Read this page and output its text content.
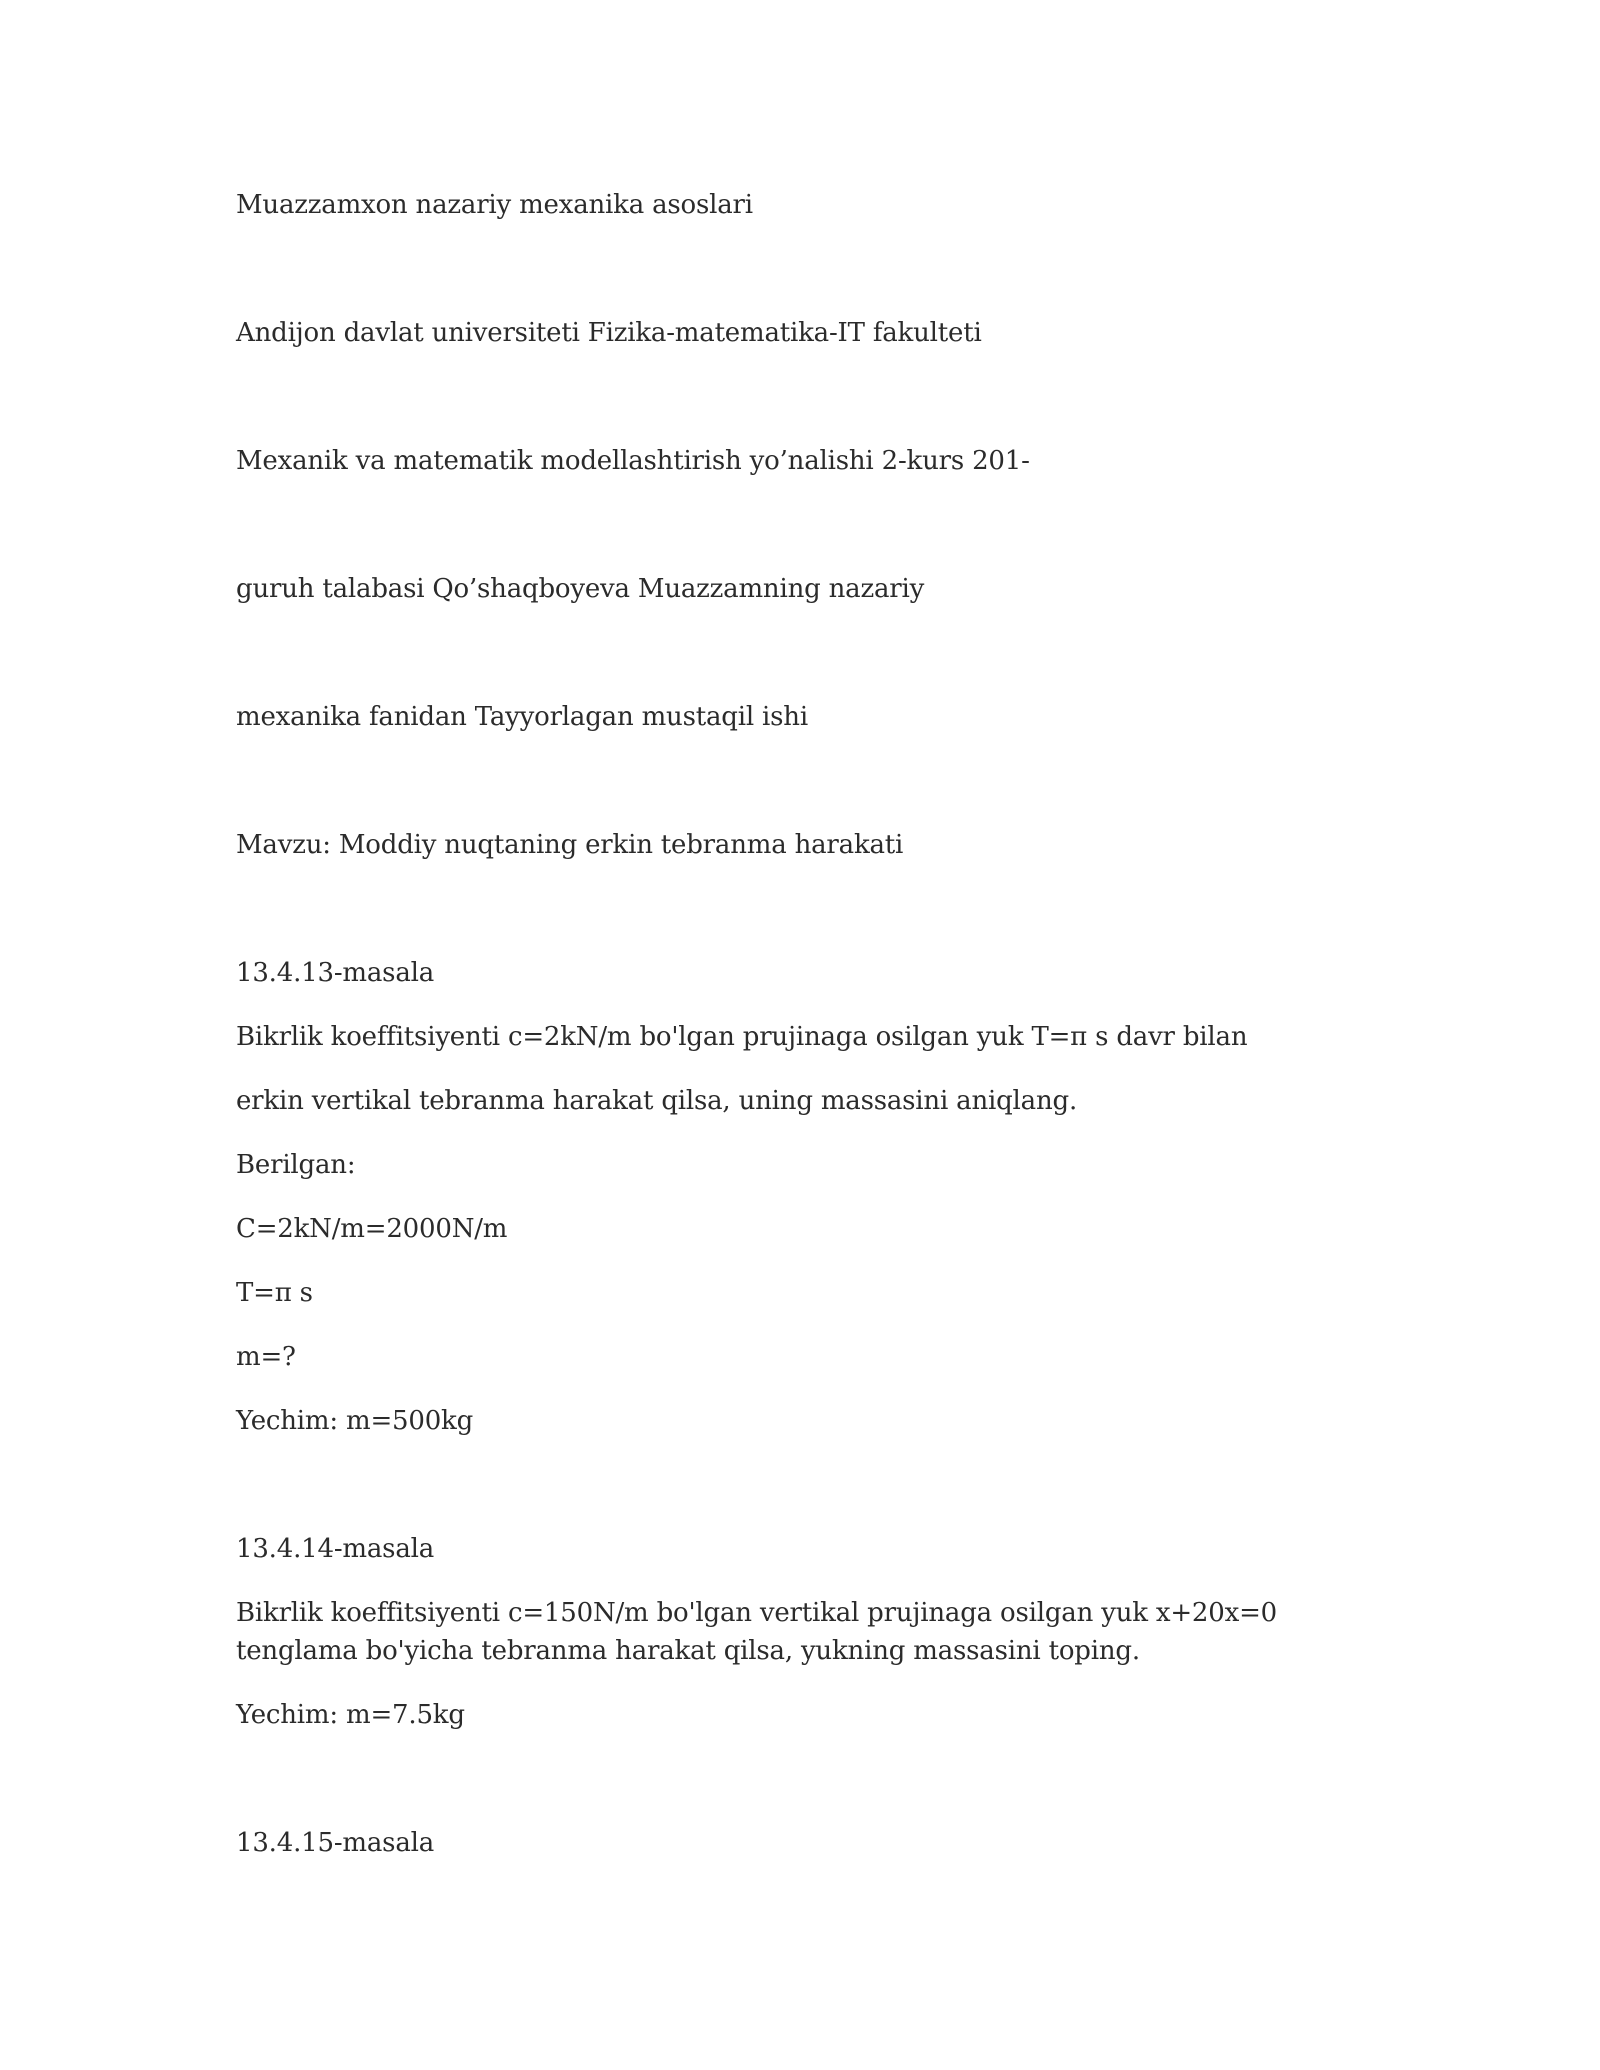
Muazzamxon nazariy mexanika asoslari

Andijon davlat universiteti Fizika-matematika-IT fakulteti

Mexanik va matematik modellashtirish yo’nalishi 2-kurs 201-

guruh talabasi Qo’shaqboyeva Muazzamning nazariy

mexanika fanidan Tayyorlagan mustaqil ishi

Mavzu: Moddiy nuqtaning erkin tebranma harakati

13.4.13-masala

Bikrlik koeffitsiyenti c=2kN/m bo'lgan prujinaga osilgan yuk T=π s davr bilan

erkin vertikal tebranma harakat qilsa, uning massasini aniqlang.

Berilgan:

C=2kN/m=2000N/m

T=π s

m=?

Yechim: m=500kg

13.4.14-masala

Bikrlik koeffitsiyenti c=150N/m bo'lgan vertikal prujinaga osilgan yuk x+20x=0 tenglama bo'yicha tebranma harakat qilsa, yukning massasini toping.

Yechim: m=7.5kg

13.4.15-masala
